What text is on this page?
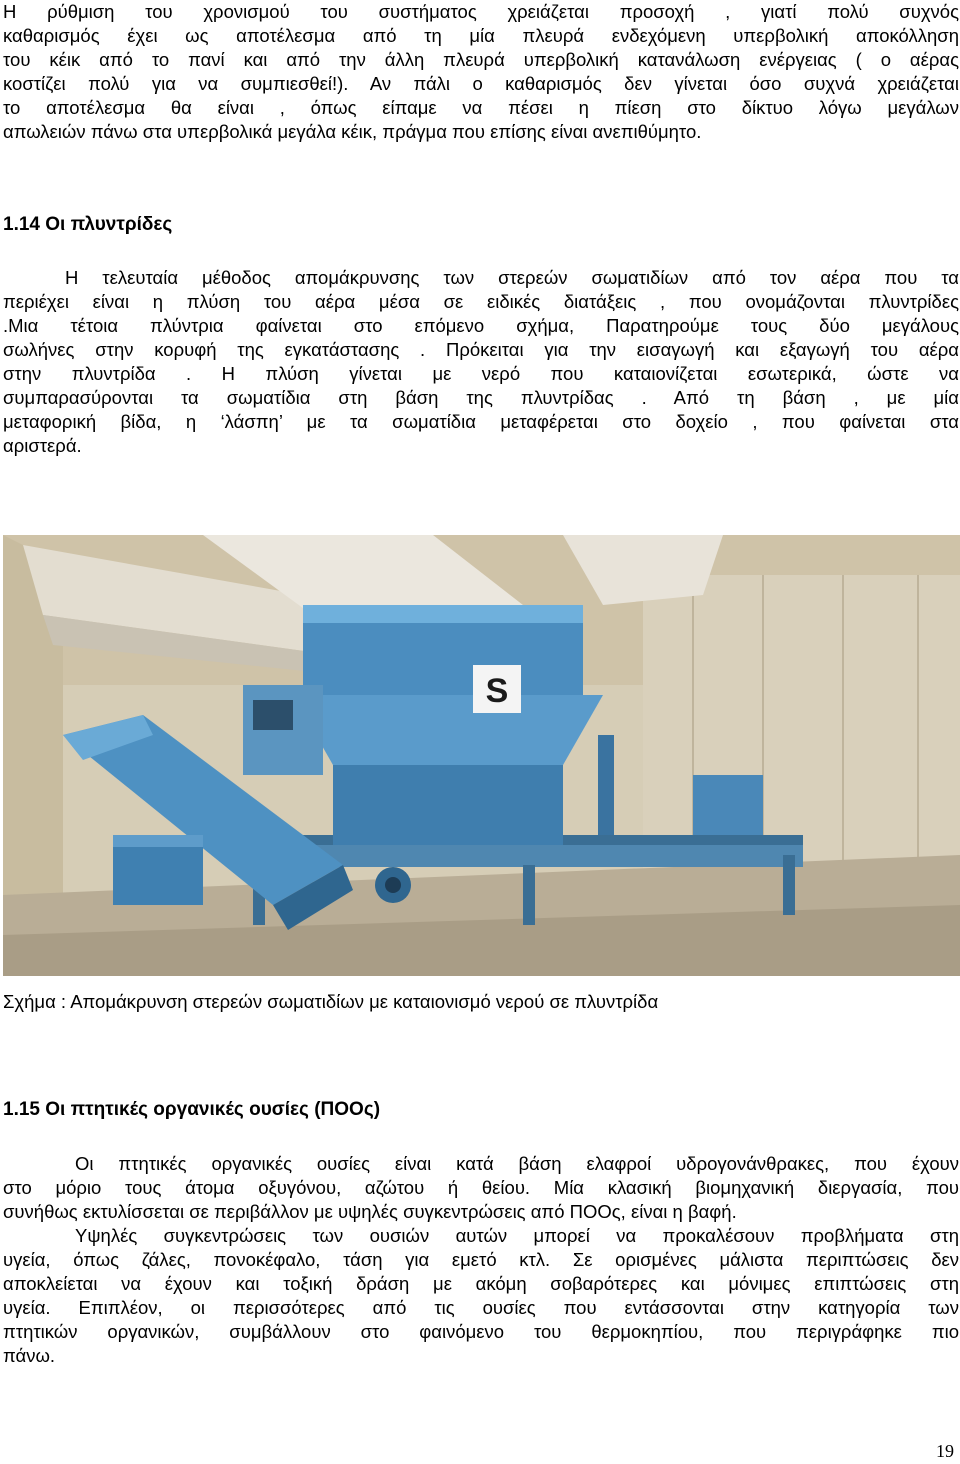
Η ρύθμιση του χρονισμού του συστήματος χρειάζεται προσοχή , γιατί πολύ συχνός
καθαρισμός έχει ως αποτέλεσμα από τη μία πλευρά ενδεχόμενη υπερβολική αποκόλληση
του κέικ από το πανί και από την άλλη πλευρά υπερβολική κατανάλωση ενέργειας ( ο αέρας
κοστίζει πολύ για να συμπιεσθεί!). Αν πάλι ο καθαρισμός δεν γίνεται όσο συχνά χρειάζεται
το αποτέλεσμα θα είναι , όπως είπαμε να πέσει η πίεση στο δίκτυο λόγω μεγάλων
απωλειών πάνω στα υπερβολικά μεγάλα κέικ, πράγμα που επίσης είναι ανεπιθύμητο.
1.14 Οι πλυντρίδες
Η τελευταία μέθοδος απομάκρυνσης των στερεών σωματιδίων από τον αέρα που τα
περιέχει είναι η πλύση του αέρα μέσα σε ειδικές διατάξεις , που ονομάζονται πλυντρίδες
.Μια τέτοια πλύντρια φαίνεται στο επόμενο σχήμα, Παρατηρούμε τους δύο μεγάλους
σωλήνες στην κορυφή της εγκατάστασης . Πρόκειται για την εισαγωγή και εξαγωγή του αέρα
στην πλυντρίδα . Η πλύση γίνεται με νερό που καταιονίζεται εσωτερικά, ώστε να
συμπαρασύρονται τα σωματίδια στη βάση της πλυντρίδας . Από τη βάση , με μία
μεταφορική βίδα, η ‘λάσπη’ με τα σωματίδια μεταφέρεται στο δοχείο , που φαίνεται στα
αριστερά.
S
Σχήμα : Απομάκρυνση στερεών σωματιδίων με καταιονισμό νερού σε πλυντρίδα
1.15 Οι πτητικές οργανικές ουσίες (ΠΟΟς)
Οι πτητικές οργανικές ουσίες είναι κατά βάση ελαφροί υδρογονάνθρακες, που έχουν
στο μόριο τους άτομα οξυγόνου, αζώτου ή θείου. Μία κλασική βιομηχανική διεργασία, που
συνήθως εκτυλίσσεται σε περιβάλλον με υψηλές συγκεντρώσεις από ΠΟΟς, είναι η βαφή.
Υψηλές συγκεντρώσεις των ουσιών αυτών μπορεί να προκαλέσουν προβλήματα στη
υγεία, όπως ζάλες, πονοκέφαλο, τάση για εμετό κτλ. Σε ορισμένες μάλιστα περιπτώσεις δεν
αποκλείεται να έχουν και τοξική δράση με ακόμη σοβαρότερες και μόνιμες επιπτώσεις στη
υγεία. Επιπλέον, οι περισσότερες από τις ουσίες που εντάσσονται στην κατηγορία των
πτητικών οργανικών, συμβάλλουν στο φαινόμενο του θερμοκηπίου, που περιγράφηκε πιο
πάνω.
19
